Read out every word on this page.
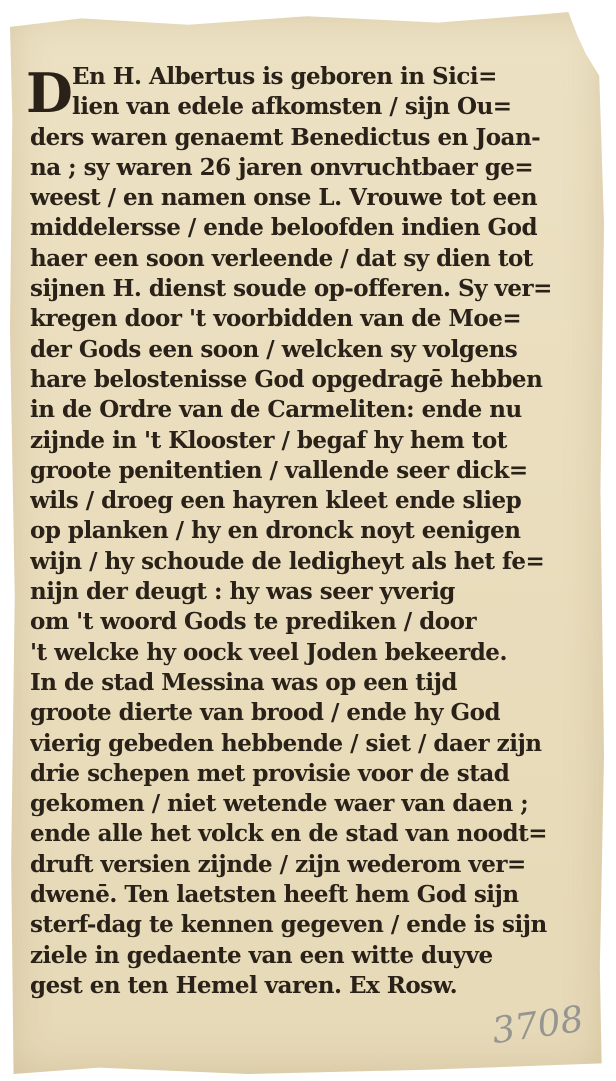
D En H. Albertus is geboren in Sici=
lien van edele afkomsten / sijn Ou=
ders waren genaemt Benedictus en Joan-
na ; sy waren 26 jaren onvruchtbaer ge=
weest / en namen onse L. Vrouwe tot een
middelersse / ende beloofden indien God
haer een soon verleende / dat sy dien tot
sijnen H. dienst soude op-offeren. Sy ver=
kregen door 't voorbidden van de Moe=
der Gods een soon / welcken sy volgens
hare belostenisse God opgedragē hebben
in de Ordre van de Carmeliten: ende nu
zijnde in 't Klooster / begaf hy hem tot
groote penitentien / vallende seer dick=
wils / droeg een hayren kleet ende sliep
op planken / hy en dronck noyt eenigen
wijn / hy schoude de ledigheyt als het fe=
nijn der deugt : hy was seer yverig
om 't woord Gods te prediken / door
't welcke hy oock veel Joden bekeerde.
In de stad Messina was op een tijd
groote dierte van brood / ende hy God
vierig gebeden hebbende / siet / daer zijn
drie schepen met provisie voor de stad
gekomen / niet wetende waer van daen ;
ende alle het volck en de stad van noodt=
druft versien zijnde / zijn wederom ver=
dwenē. Ten laetsten heeft hem God sijn
sterf-dag te kennen gegeven / ende is sijn
ziele in gedaente van een witte duyve
gest en ten Hemel varen. Ex Rosw.
3708
